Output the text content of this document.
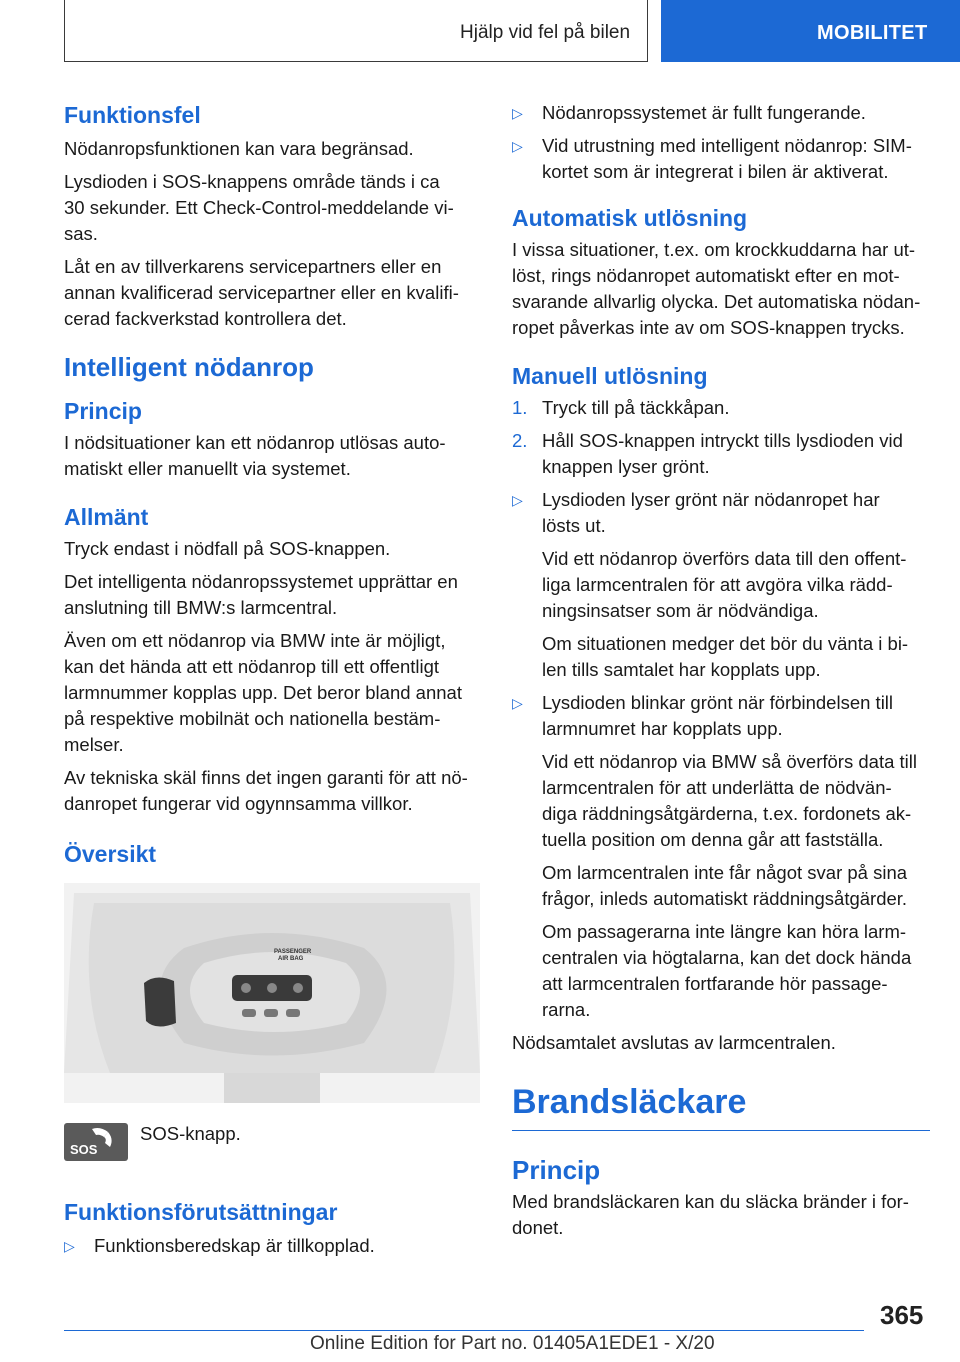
Hjälp vid fel på bilen	MOBILITET
Funktionsfel

Nödanropsfunktionen kan vara begränsad.

Lysdioden i SOS-knappens område tänds i ca

30 sekunder. Ett Check-Control-meddelande vi-

sas.

Låt en av tillverkarens servicepartners eller en

annan kvalificerad servicepartner eller en kvalifi-

cerad fackverkstad kontrollera det.

Intelligent nödanrop
Princip

I nödsituationer kan ett nödanrop utlösas auto-

matiskt eller manuellt via systemet.

Allmänt

Tryck endast i nödfall på SOS-knappen.

Det intelligenta nödanropssystemet upprättar en

anslutning till BMW:s larmcentral.

Även om ett nödanrop via BMW inte är möjligt,

kan det hända att ett nödanrop till ett offentligt

larmnummer kopplas upp. Det beror bland annat

på respektive mobilnät och nationella bestäm-

melser.

Av tekniska skäl finns det ingen garanti för att nö-

danropet fungerar vid ogynnsamma villkor.

Översikt
PASSENGER
AIR BAG
SOS

SOS-knapp.

Funktionsförutsättningar
▷ Funktionsberedskap är tillkopplad.
▷ Nödanropssystemet är fullt fungerande.
▷ Vid utrustning med intelligent nödanrop: SIM-
kortet som är integrerat i bilen är aktiverat.
Automatisk utlösning

I vissa situationer, t.ex. om krockkuddarna har ut-

löst, rings nödanropet automatiskt efter en mot-

svarande allvarlig olycka. Det automatiska nödan-

ropet påverkas inte av om SOS-knappen trycks.

Manuell utlösning
1. Tryck till på täckkåpan.
2. Håll SOS-knappen intryckt tills lysdioden vid
knappen lyser grönt.
▷ Lysdioden lyser grönt när nödanropet har
lösts ut.
Vid ett nödanrop överförs data till den offent-
liga larmcentralen för att avgöra vilka rädd-
ningsinsatser som är nödvändiga.
Om situationen medger det bör du vänta i bi-
len tills samtalet har kopplats upp.
▷ Lysdioden blinkar grönt när förbindelsen till
larmnumret har kopplats upp.
Vid ett nödanrop via BMW så överförs data till
larmcentralen för att underlätta de nödvän-
diga räddningsåtgärderna, t.ex. fordonets ak-
tuella position om denna går att fastställa.
Om larmcentralen inte får något svar på sina
frågor, inleds automatiskt räddningsåtgärder.
Om passagerarna inte längre kan höra larm-
centralen via högtalarna, kan det dock hända
att larmcentralen fortfarande hör passage-
rarna.

Nödsamtalet avslutas av larmcentralen.

Brandsläckare
Princip

Med brandsläckaren kan du släcka bränder i for-

donet.

365
Online Edition for Part no. 01405A1EDE1 - X/20
